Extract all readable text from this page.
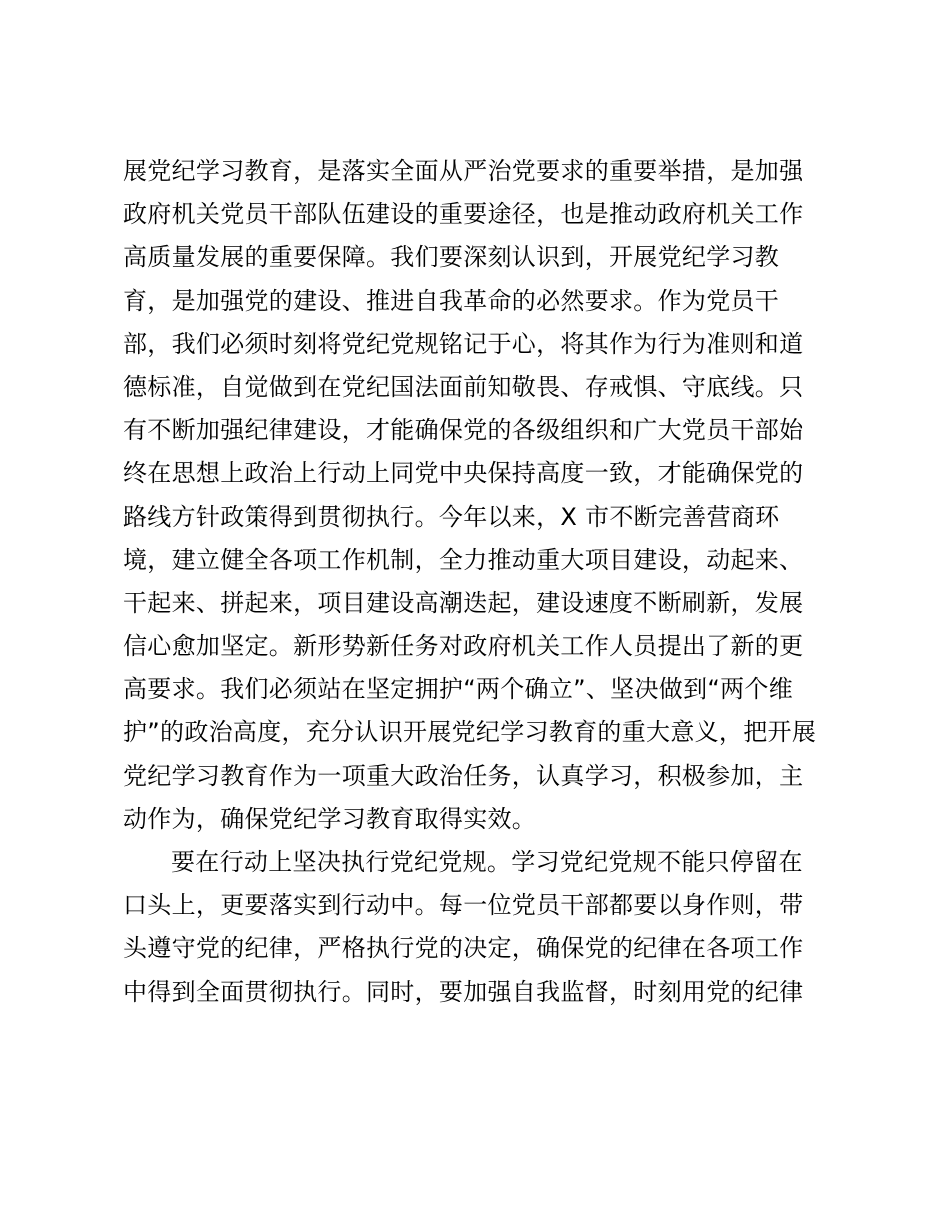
展党纪学习教育，是落实全面从严治党要求的重要举措，是加强
政府机关党员干部队伍建设的重要途径，也是推动政府机关工作
高质量发展的重要保障。我们要深刻认识到，开展党纪学习教
育，是加强党的建设、推进自我革命的必然要求。作为党员干
部，我们必须时刻将党纪党规铭记于心，将其作为行为准则和道
德标准，自觉做到在党纪国法面前知敬畏、存戒惧、守底线。只
有不断加强纪律建设，才能确保党的各级组织和广大党员干部始
终在思想上政治上行动上同党中央保持高度一致，才能确保党的
路线方针政策得到贯彻执行。今年以来，X 市不断完善营商环
境，建立健全各项工作机制，全力推动重大项目建设，动起来、
干起来、拼起来，项目建设高潮迭起，建设速度不断刷新，发展
信心愈加坚定。新形势新任务对政府机关工作人员提出了新的更
高要求。我们必须站在坚定拥护“两个确立”、坚决做到“两个维
护”的政治高度，充分认识开展党纪学习教育的重大意义，把开展
党纪学习教育作为一项重大政治任务，认真学习，积极参加，主
动作为，确保党纪学习教育取得实效。
要在行动上坚决执行党纪党规。学习党纪党规不能只停留在
口头上，更要落实到行动中。每一位党员干部都要以身作则，带
头遵守党的纪律，严格执行党的决定，确保党的纪律在各项工作
中得到全面贯彻执行。同时，要加强自我监督，时刻用党的纪律
